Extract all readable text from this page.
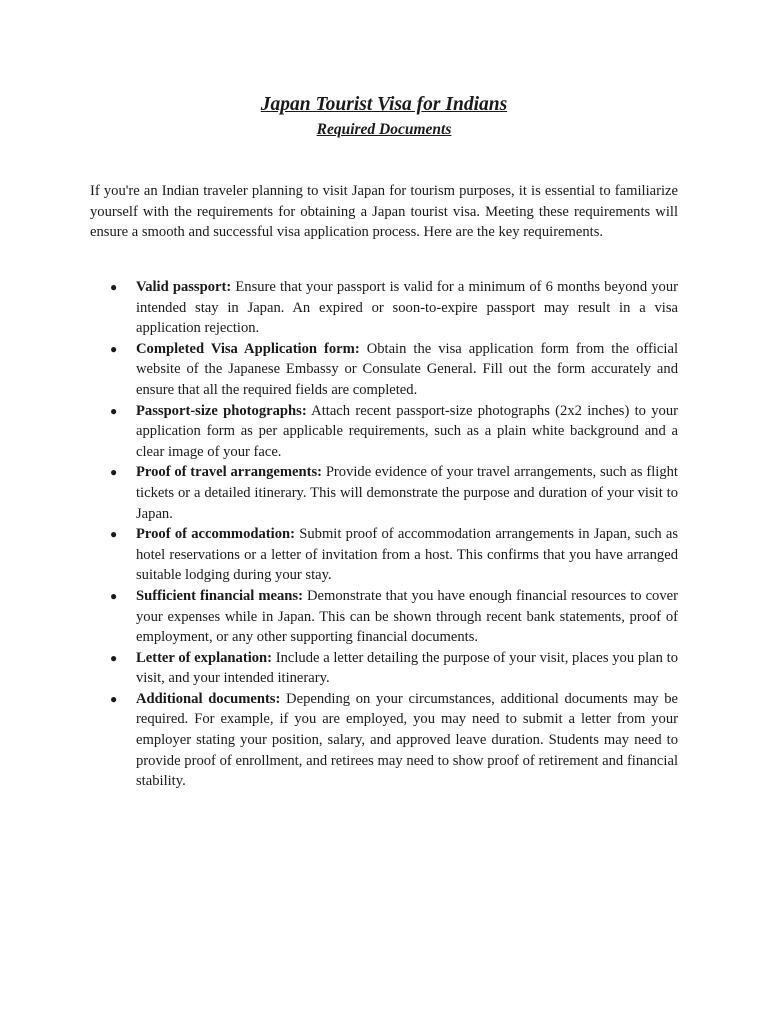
Japan Tourist Visa for Indians
Required Documents

If you're an Indian traveler planning to visit Japan for tourism purposes, it is essential to familiarize yourself with the requirements for obtaining a Japan tourist visa. Meeting these requirements will ensure a smooth and successful visa application process. Here are the key requirements.

● Valid passport: Ensure that your passport is valid for a minimum of 6 months beyond your intended stay in Japan. An expired or soon-to-expire passport may result in a visa application rejection.
● Completed Visa Application form: Obtain the visa application form from the official website of the Japanese Embassy or Consulate General. Fill out the form accurately and ensure that all the required fields are completed.
● Passport-size photographs: Attach recent passport-size photographs (2x2 inches) to your application form as per applicable requirements, such as a plain white background and a clear image of your face.
● Proof of travel arrangements: Provide evidence of your travel arrangements, such as flight tickets or a detailed itinerary. This will demonstrate the purpose and duration of your visit to Japan.
● Proof of accommodation: Submit proof of accommodation arrangements in Japan, such as hotel reservations or a letter of invitation from a host. This confirms that you have arranged suitable lodging during your stay.
● Sufficient financial means: Demonstrate that you have enough financial resources to cover your expenses while in Japan. This can be shown through recent bank statements, proof of employment, or any other supporting financial documents.
● Letter of explanation: Include a letter detailing the purpose of your visit, places you plan to visit, and your intended itinerary.
● Additional documents: Depending on your circumstances, additional documents may be required. For example, if you are employed, you may need to submit a letter from your employer stating your position, salary, and approved leave duration. Students may need to provide proof of enrollment, and retirees may need to show proof of retirement and financial stability.
